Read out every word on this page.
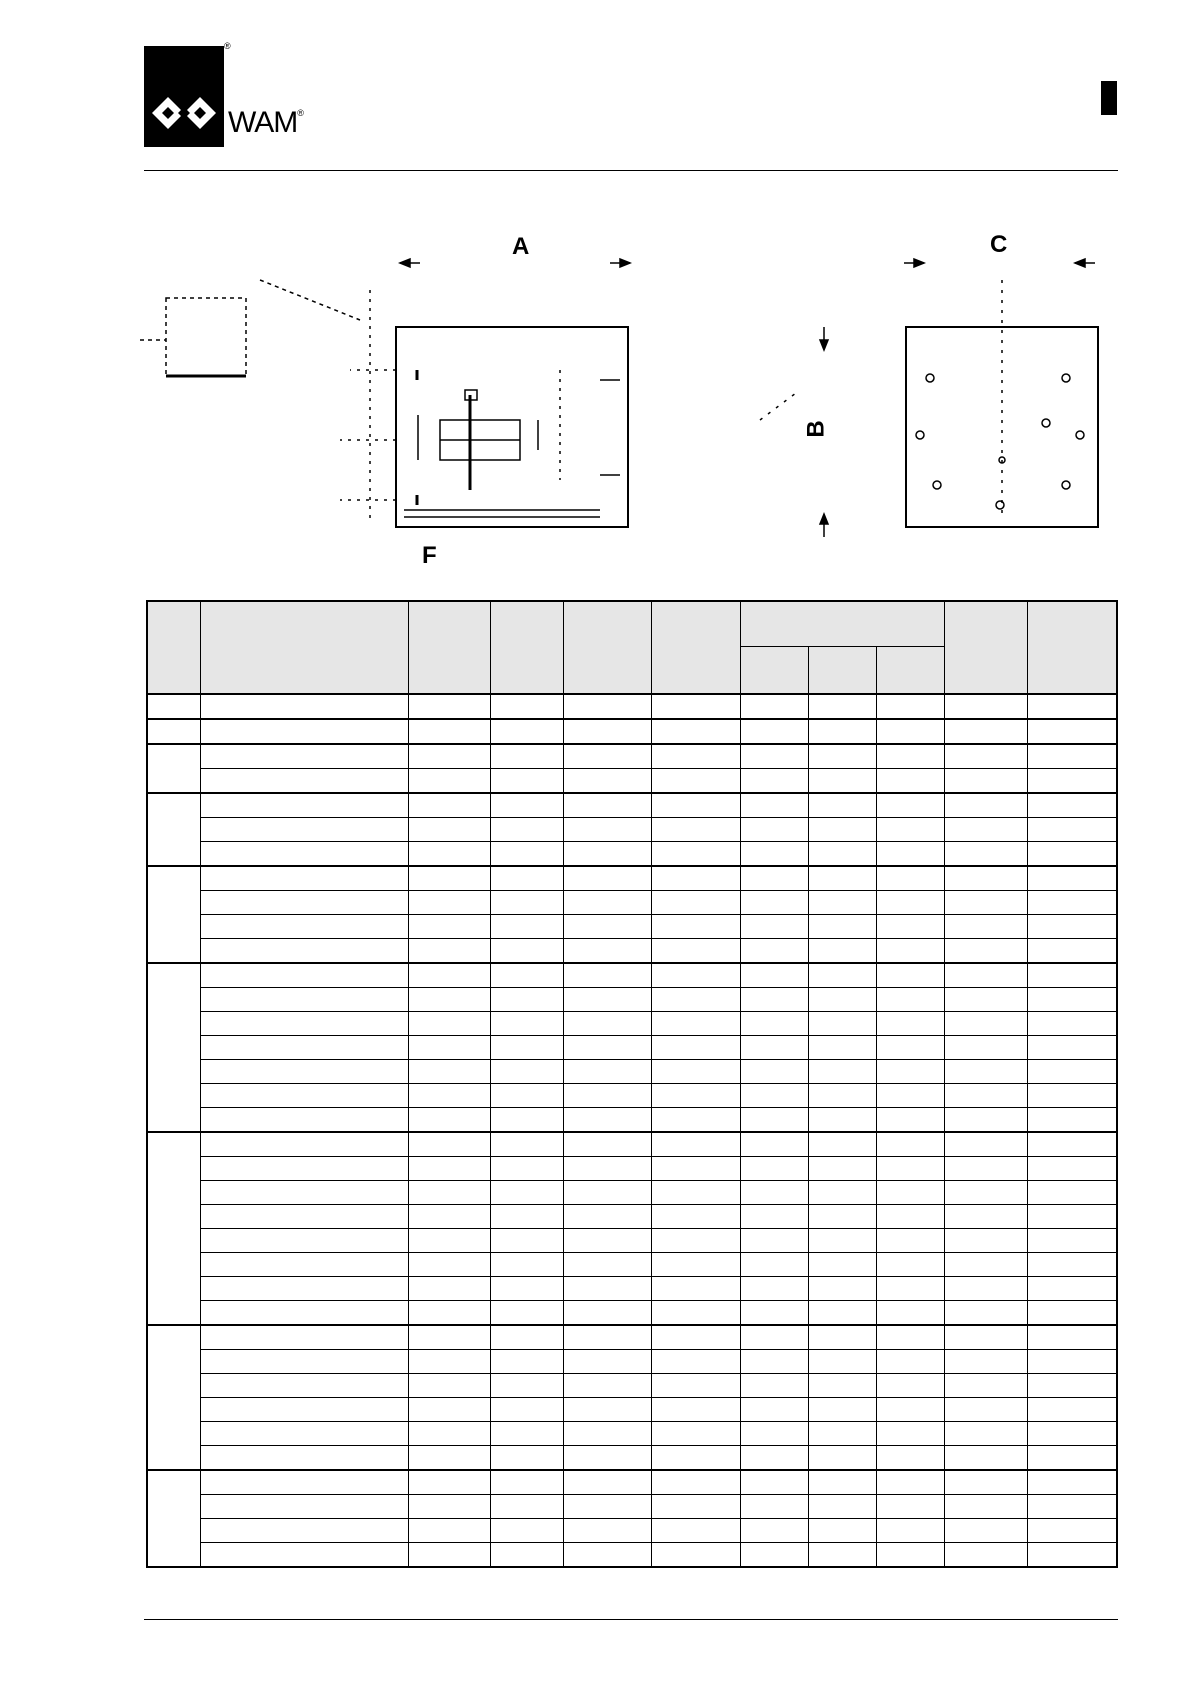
®
WAM®
A	C
B
F
